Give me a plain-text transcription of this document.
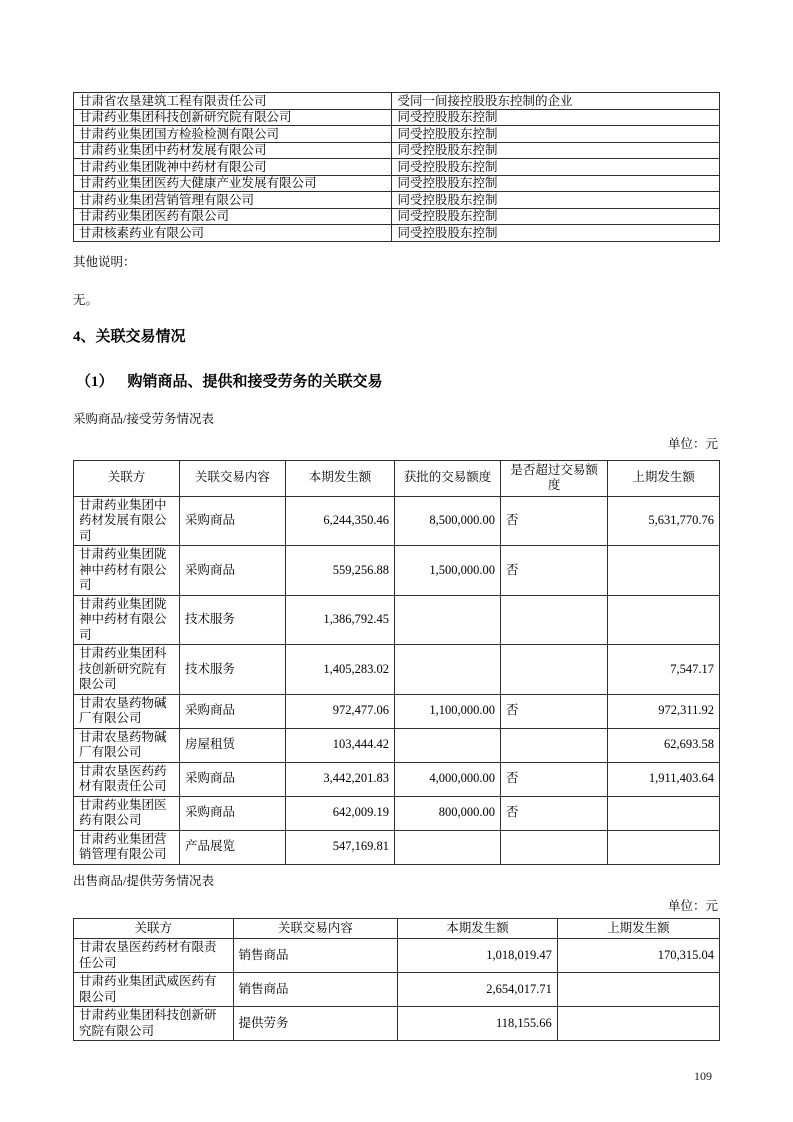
甘肃省农垦建筑工程有限责任公司	受同一间接控股股东控制的企业
甘肃药业集团科技创新研究院有限公司	同受控股股东控制
甘肃药业集团国方检验检测有限公司	同受控股股东控制
甘肃药业集团中药材发展有限公司	同受控股股东控制
甘肃药业集团陇神中药材有限公司	同受控股股东控制
甘肃药业集团医药大健康产业发展有限公司	同受控股股东控制
甘肃药业集团营销管理有限公司	同受控股股东控制
甘肃药业集团医药有限公司	同受控股股东控制
甘肃核素药业有限公司	同受控股股东控制
其他说明：
无。
4、关联交易情况
（1） 购销商品、提供和接受劳务的关联交易
采购商品/接受劳务情况表
单位：元
关联方	关联交易内容	本期发生额	获批的交易额度	是否超过交易额度	上期发生额
甘肃药业集团中药材发展有限公司	采购商品	6,244,350.46	8,500,000.00	否	5,631,770.76
甘肃药业集团陇神中药材有限公司	采购商品	559,256.88	1,500,000.00	否	
甘肃药业集团陇神中药材有限公司	技术服务	1,386,792.45			
甘肃药业集团科技创新研究院有限公司	技术服务	1,405,283.02			7,547.17
甘肃农垦药物碱厂有限公司	采购商品	972,477.06	1,100,000.00	否	972,311.92
甘肃农垦药物碱厂有限公司	房屋租赁	103,444.42			62,693.58
甘肃农垦医药药材有限责任公司	采购商品	3,442,201.83	4,000,000.00	否	1,911,403.64
甘肃药业集团医药有限公司	采购商品	642,009.19	800,000.00	否	
甘肃药业集团营销管理有限公司	产品展览	547,169.81			
出售商品/提供劳务情况表
单位：元
关联方	关联交易内容	本期发生额	上期发生额
甘肃农垦医药药材有限责任公司	销售商品	1,018,019.47	170,315.04
甘肃药业集团武威医药有限公司	销售商品	2,654,017.71	
甘肃药业集团科技创新研究院有限公司	提供劳务	118,155.66	
109
